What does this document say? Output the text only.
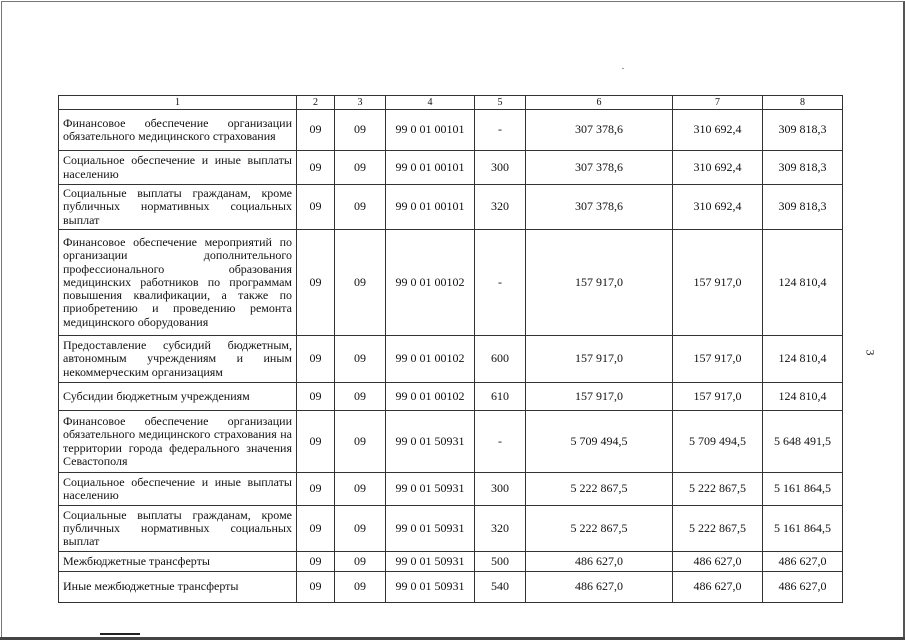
1	2	3	4	5	6	7	8
Финансовое обеспечение организации обязательного медицинского страхования	09	09	99 0 01 00101	-	307 378,6	310 692,4	309 818,3
Социальное обеспечение и иные выплаты населению	09	09	99 0 01 00101	300	307 378,6	310 692,4	309 818,3
Социальные выплаты гражданам, кроме публичных нормативных социальных выплат	09	09	99 0 01 00101	320	307 378,6	310 692,4	309 818,3
Финансовое обеспечение мероприятий по организации дополнительного профессионального образования медицинских работников по программам повышения квалификации, а также по приобретению и проведению ремонта медицинского оборудования	09	09	99 0 01 00102	-	157 917,0	157 917,0	124 810,4
Предоставление субсидий бюджетным, автономным учреждениям и иным некоммерческим организациям	09	09	99 0 01 00102	600	157 917,0	157 917,0	124 810,4
Субсидии бюджетным учреждениям	09	09	99 0 01 00102	610	157 917,0	157 917,0	124 810,4
Финансовое обеспечение организации обязательного медицинского страхования на территории города федерального значения Севастополя	09	09	99 0 01 50931	-	5 709 494,5	5 709 494,5	5 648 491,5
Социальное обеспечение и иные выплаты населению	09	09	99 0 01 50931	300	5 222 867,5	5 222 867,5	5 161 864,5
Социальные выплаты гражданам, кроме публичных нормативных социальных выплат	09	09	99 0 01 50931	320	5 222 867,5	5 222 867,5	5 161 864,5
Межбюджетные трансферты	09	09	99 0 01 50931	500	486 627,0	486 627,0	486 627,0
Иные межбюджетные трансферты	09	09	99 0 01 50931	540	486 627,0	486 627,0	486 627,0
3
